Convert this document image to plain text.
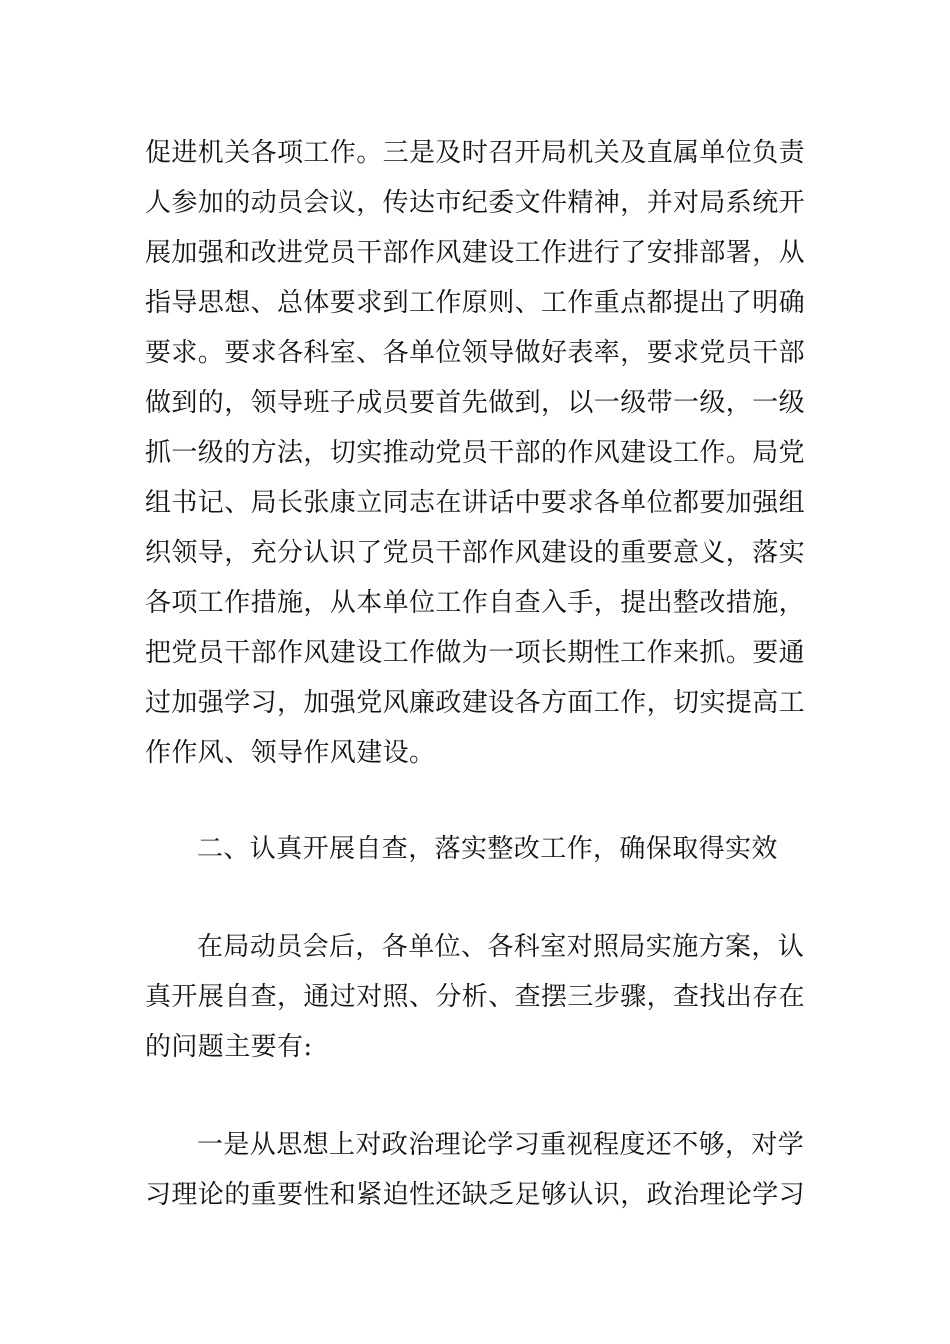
促进机关各项工作。三是及时召开局机关及直属单位负责人参加的动员会议，传达市纪委文件精神，并对局系统开展加强和改进党员干部作风建设工作进行了安排部署，从指导思想、总体要求到工作原则、工作重点都提出了明确要求。要求各科室、各单位领导做好表率，要求党员干部做到的，领导班子成员要首先做到，以一级带一级，一级抓一级的方法，切实推动党员干部的作风建设工作。局党组书记、局长张康立同志在讲话中要求各单位都要加强组织领导，充分认识了党员干部作风建设的重要意义，落实各项工作措施，从本单位工作自查入手，提出整改措施，把党员干部作风建设工作做为一项长期性工作来抓。要通过加强学习，加强党风廉政建设各方面工作，切实提高工作作风、领导作风建设。

二、认真开展自查，落实整改工作，确保取得实效

在局动员会后，各单位、各科室对照局实施方案，认真开展自查，通过对照、分析、查摆三步骤，查找出存在的问题主要有:

一是从思想上对政治理论学习重视程度还不够，对学习理论的重要性和紧迫性还缺乏足够认识，政治理论学习
